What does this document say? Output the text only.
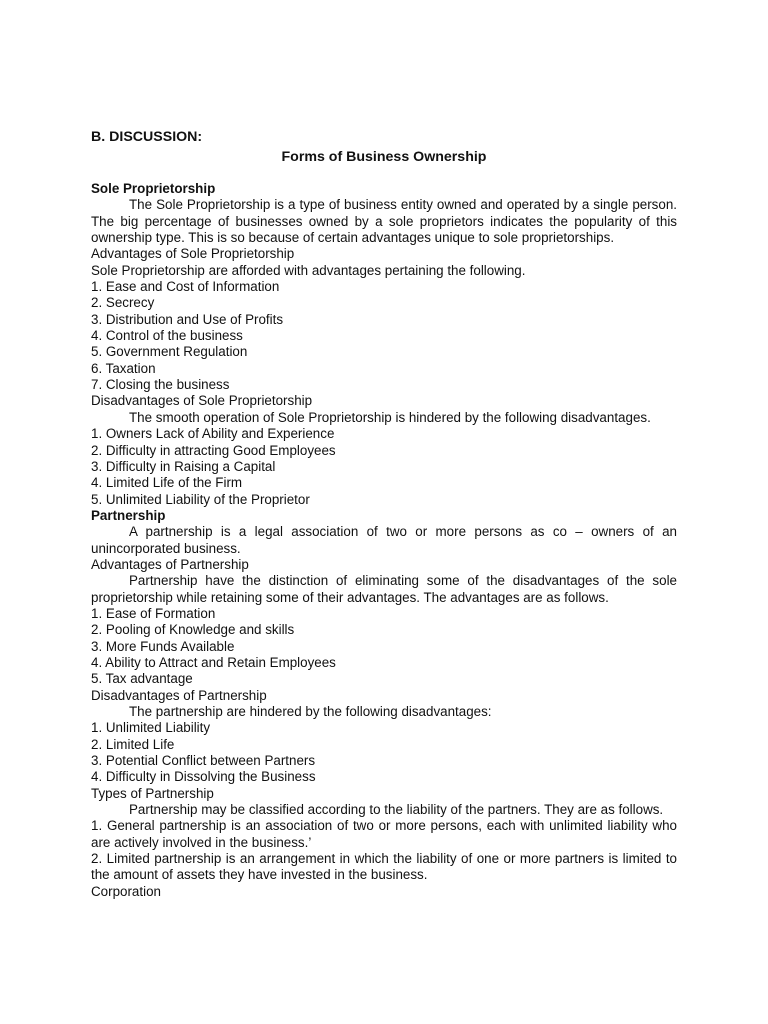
B. DISCUSSION:

Forms of Business Ownership

Sole Proprietorship

The Sole Proprietorship is a type of business entity owned and operated by a single person. The big percentage of businesses owned by a sole proprietors indicates the popularity of this ownership type. This is so because of certain advantages unique to sole proprietorships.

Advantages of Sole Proprietorship

Sole Proprietorship are afforded with advantages pertaining the following.

1. Ease and Cost of Information
2. Secrecy
3. Distribution and Use of Profits
4. Control of the business
5. Government Regulation
6. Taxation
7. Closing the business

Disadvantages of Sole Proprietorship

The smooth operation of Sole Proprietorship is hindered by the following disadvantages.

1. Owners Lack of Ability and Experience
2. Difficulty in attracting Good Employees
3. Difficulty in Raising a Capital
4. Limited Life of the Firm
5. Unlimited Liability of the Proprietor

Partnership

A partnership is a legal association of two or more persons as co – owners of an unincorporated business.

Advantages of Partnership

Partnership have the distinction of eliminating some of the disadvantages of the sole proprietorship while retaining some of their advantages. The advantages are as follows.

1. Ease of Formation
2. Pooling of Knowledge and skills
3. More Funds Available
4. Ability to Attract and Retain Employees
5. Tax advantage

Disadvantages of Partnership

The partnership are hindered by the following disadvantages:

1. Unlimited Liability
2. Limited Life
3. Potential Conflict between Partners
4. Difficulty in Dissolving the Business

Types of Partnership

Partnership may be classified according to the liability of the partners. They are as follows.

1. General partnership is an association of two or more persons, each with unlimited liability who are actively involved in the business.’
2. Limited partnership is an arrangement in which the liability of one or more partners is limited to the amount of assets they have invested in the business.

Corporation
